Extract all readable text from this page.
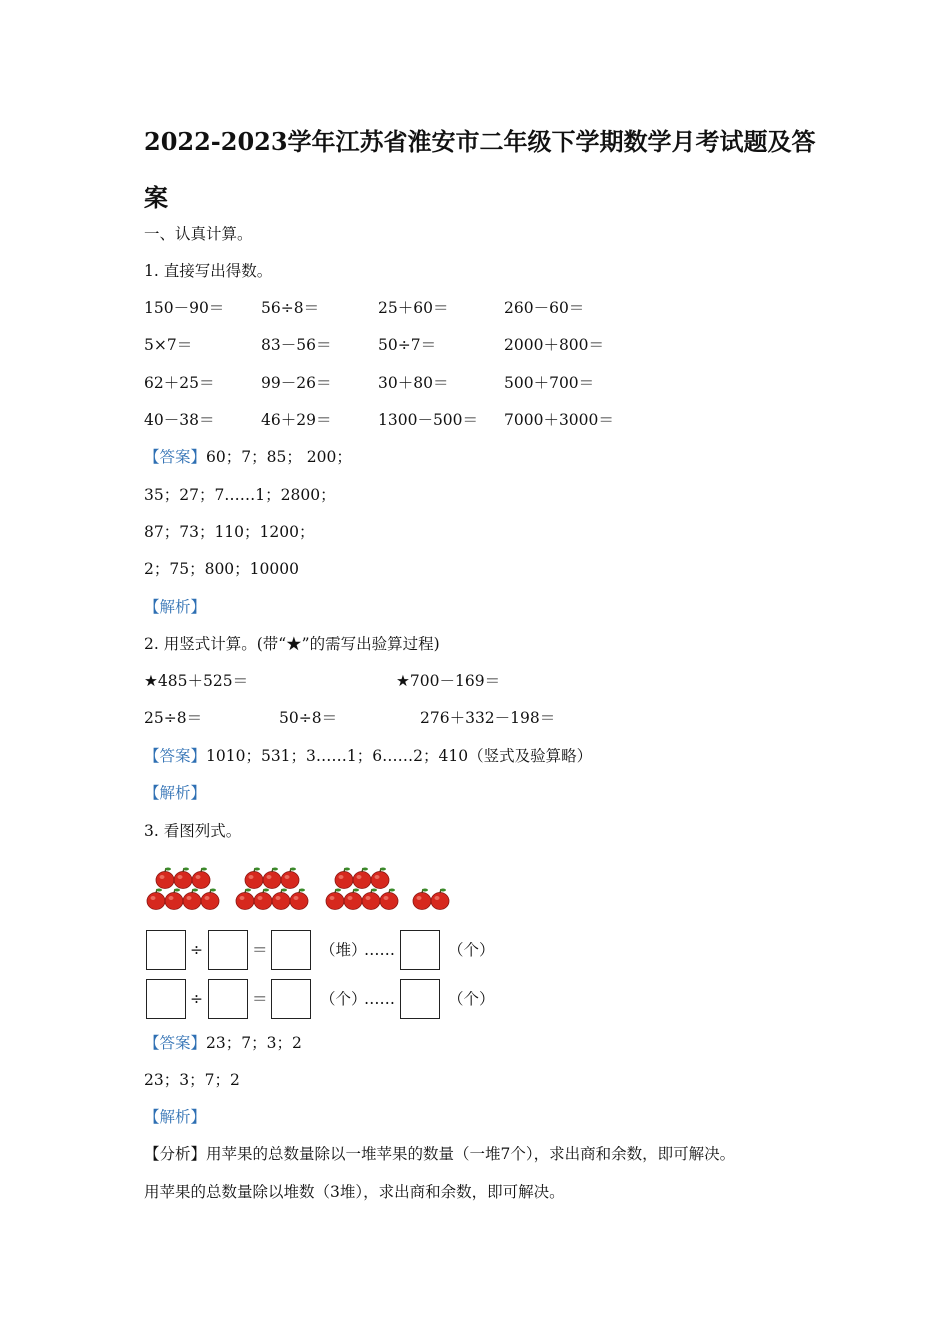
2022-2023学年江苏省淮安市二年级下学期数学月考试题及答案
一、认真计算。
1. 直接写出得数。
150－90＝ 56÷8＝	25＋60＝	260－60＝
5×7＝	83－56＝	50÷7＝	2000＋800＝
62＋25＝	99－26＝	30＋80＝	500＋700＝
40－38＝	46＋29＝	1300－500＝ 7000＋3000＝
【答案】60；7；85； 200；
35；27；7……1；2800；
87；73；110；1200；
2；75；800；10000
【解析】
2. 用竖式计算。(带“★”的需写出验算过程)
★485＋525＝	★700－169＝
25÷8＝	50÷8＝	276＋332－198＝
【答案】1010；531；3……1；6……2；410（竖式及验算略）
【解析】
3. 看图列式。
÷	＝	（堆）
……	（个）
÷	＝	（个）
……	（个）
【答案】23；7；3；2
23；3；7；2
【解析】
【分析】用苹果的总数量除以一堆苹果的数量（一堆7个），求出商和余数，即可解决。
用苹果的总数量除以堆数（3堆），求出商和余数，即可解决。
